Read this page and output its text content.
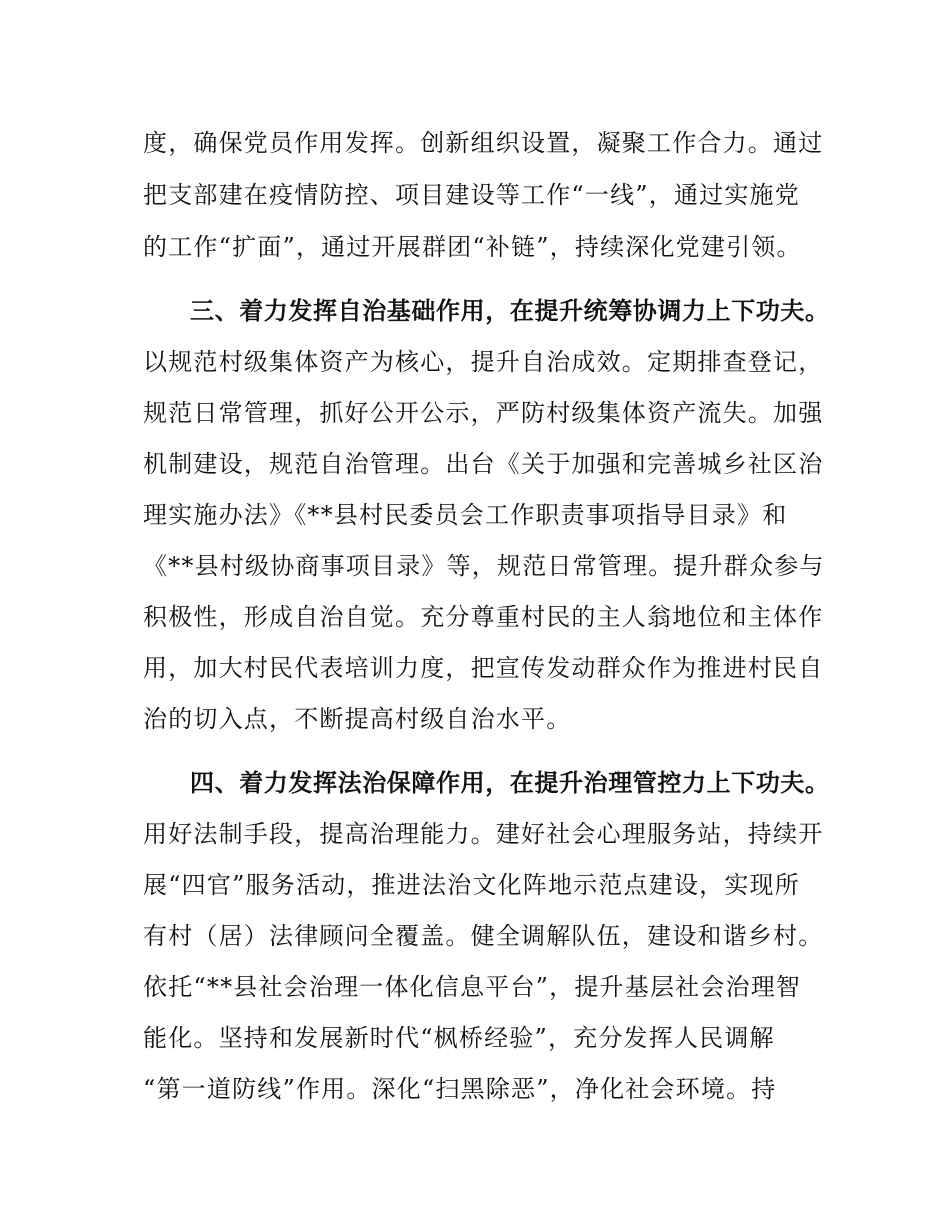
度，确保党员作用发挥。创新组织设置，凝聚工作合力。通过
把支部建在疫情防控、项目建设等工作“一线”，通过实施党
的工作“扩面”，通过开展群团“补链”，持续深化党建引领。
三、着力发挥自治基础作用，在提升统筹协调力上下功夫。
以规范村级集体资产为核心，提升自治成效。定期排查登记，
规范日常管理，抓好公开公示，严防村级集体资产流失。加强
机制建设，规范自治管理。出台《关于加强和完善城乡社区治
理实施办法》《**县村民委员会工作职责事项指导目录》和
《**县村级协商事项目录》等，规范日常管理。提升群众参与
积极性，形成自治自觉。充分尊重村民的主人翁地位和主体作
用，加大村民代表培训力度，把宣传发动群众作为推进村民自
治的切入点，不断提高村级自治水平。
四、着力发挥法治保障作用，在提升治理管控力上下功夫。
用好法制手段，提高治理能力。建好社会心理服务站，持续开
展“四官”服务活动，推进法治文化阵地示范点建设，实现所
有村（居）法律顾问全覆盖。健全调解队伍，建设和谐乡村。
依托“**县社会治理一体化信息平台”，提升基层社会治理智
能化。坚持和发展新时代“枫桥经验”，充分发挥人民调解
“第一道防线”作用。深化“扫黑除恶”，净化社会环境。持
